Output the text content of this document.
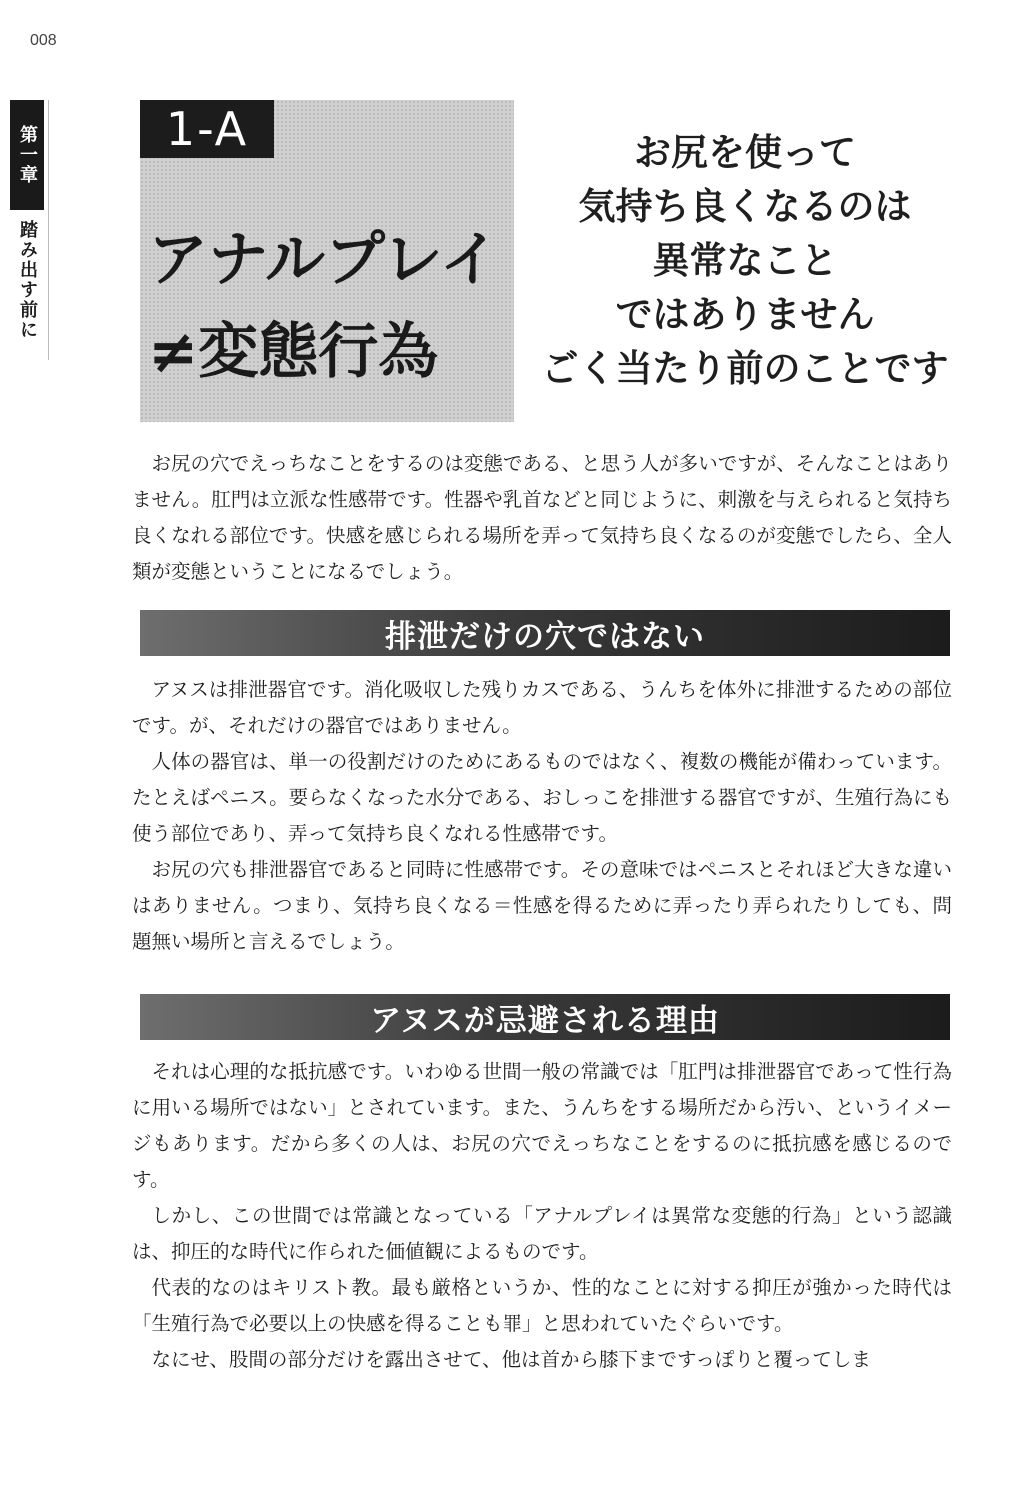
008
第一章
踏み出す前に
1-A
アナルプレイ
≠変態行為
お尻を使って
気持ち良くなるのは
異常なこと
ではありません
ごく当たり前のことです

お尻の穴でえっちなことをするのは変態である、と思う人が多いですが、そんなことはありません。肛門は立派な性感帯です。性器や乳首などと同じように、刺激を与えられると気持ち良くなれる部位です。快感を感じられる場所を弄って気持ち良くなるのが変態でしたら、全人類が変態ということになるでしょう。

排泄だけの穴ではない

アヌスは排泄器官です。消化吸収した残りカスである、うんちを体外に排泄するための部位です。が、それだけの器官ではありません。

人体の器官は、単一の役割だけのためにあるものではなく、複数の機能が備わっています。たとえばペニス。要らなくなった水分である、おしっこを排泄する器官ですが、生殖行為にも使う部位であり、弄って気持ち良くなれる性感帯です。

お尻の穴も排泄器官であると同時に性感帯です。その意味ではペニスとそれほど大きな違いはありません。つまり、気持ち良くなる＝性感を得るために弄ったり弄られたりしても、問題無い場所と言えるでしょう。

アヌスが忌避される理由

それは心理的な抵抗感です。いわゆる世間一般の常識では「肛門は排泄器官であって性行為に用いる場所ではない」とされています。また、うんちをする場所だから汚い、というイメージもあります。だから多くの人は、お尻の穴でえっちなことをするのに抵抗感を感じるのです。

しかし、この世間では常識となっている「アナルプレイは異常な変態的行為」という認識は、抑圧的な時代に作られた価値観によるものです。

代表的なのはキリスト教。最も厳格というか、性的なことに対する抑圧が強かった時代は「生殖行為で必要以上の快感を得ることも罪」と思われていたぐらいです。

なにせ、股間の部分だけを露出させて、他は首から膝下まですっぽりと覆ってしま
